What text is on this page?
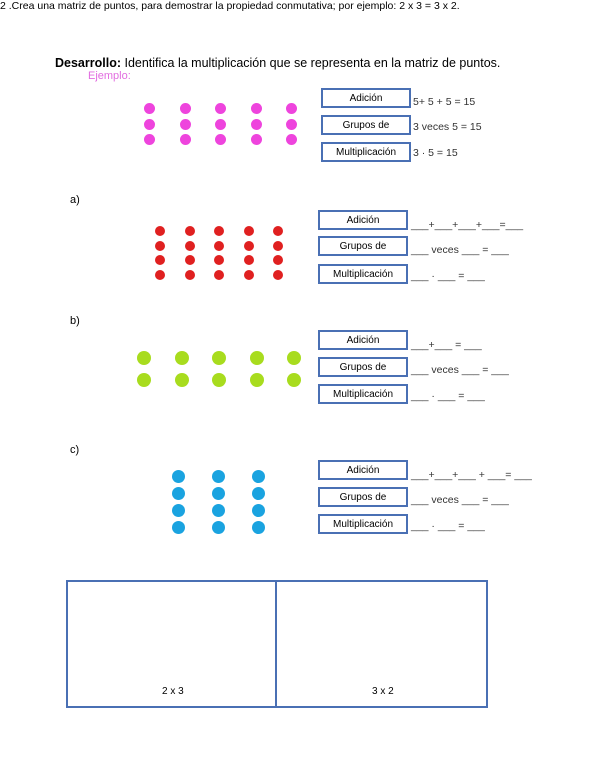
Desarrollo: Identifica la multiplicación que se representa en la matriz de puntos.
Ejemplo:
Adición
Grupos de
Multiplicación
5+ 5 + 5 = 15
3 veces 5 = 15
3 · 5 = 15
a)
Adición
Grupos de
Multiplicación
___+___+___+___=___
___ veces ___ = ___
___ · ___ = ___
b)
Adición
Grupos de
Multiplicación
___+___ = ___
___ veces ___ = ___
___ · ___ = ___
c)
Adición
Grupos de
Multiplicación
___+___+___ + ___= ___
___ veces ___ = ___
___ · ___ = ___
2 .Crea una matriz de puntos, para demostrar la propiedad conmutativa; por ejemplo: 2 x 3 = 3 x 2.
2 x 3	3 x 2
